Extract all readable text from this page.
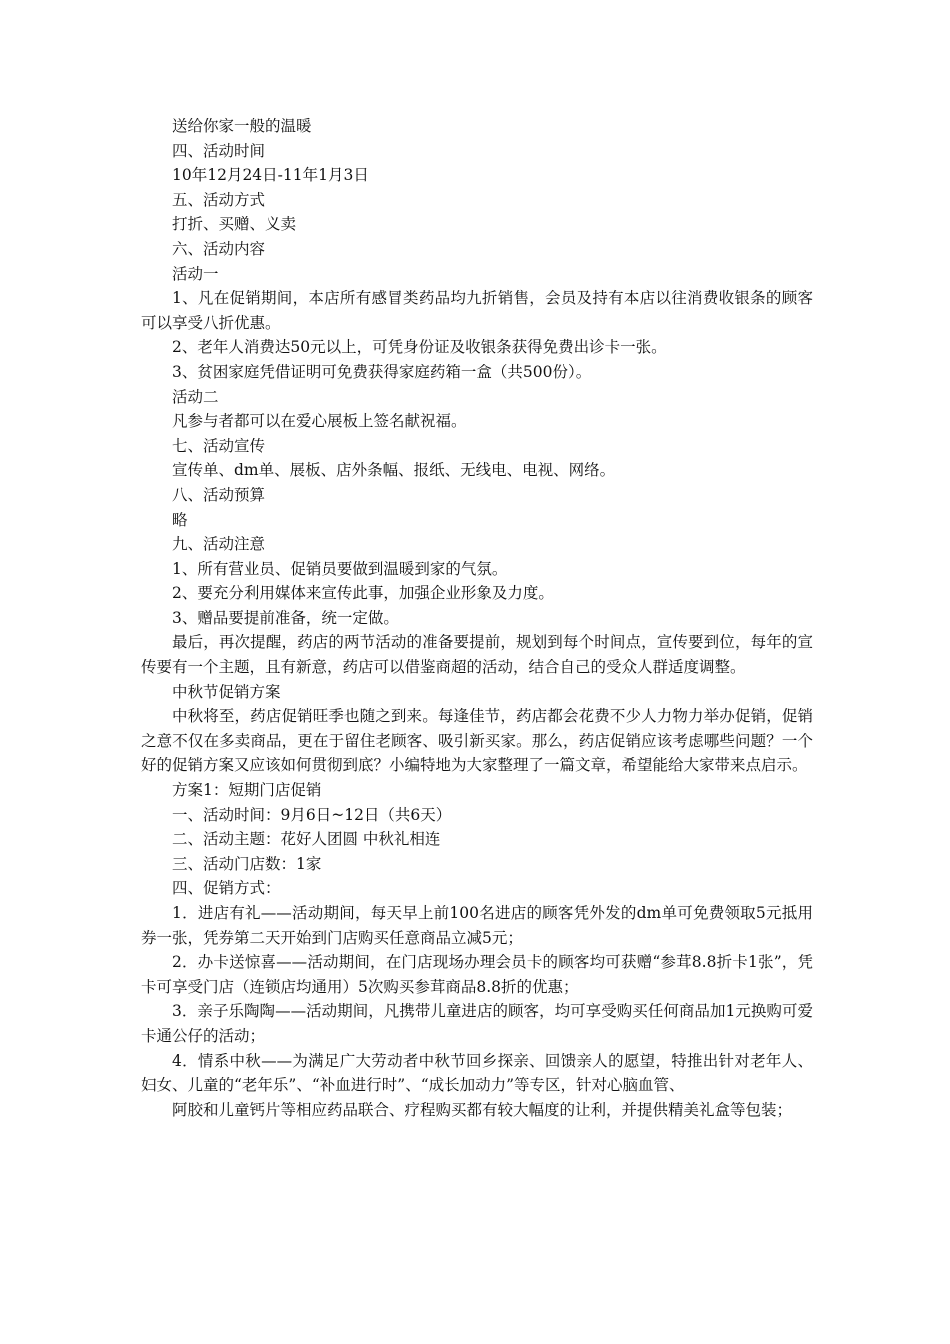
送给你家一般的温暖

四、活动时间

10年12月24日-11年1月3日

五、活动方式

打折、买赠、义卖

六、活动内容

活动一

1、凡在促销期间，本店所有感冒类药品均九折销售，会员及持有本店以往消费收银条的顾客可以享受八折优惠。

2、老年人消费达50元以上，可凭身份证及收银条获得免费出诊卡一张。

3、贫困家庭凭借证明可免费获得家庭药箱一盒（共500份）。

活动二

凡参与者都可以在爱心展板上签名献祝福。

七、活动宣传

宣传单、dm单、展板、店外条幅、报纸、无线电、电视、网络。

八、活动预算

略

九、活动注意

1、所有营业员、促销员要做到温暖到家的气氛。

2、要充分利用媒体来宣传此事，加强企业形象及力度。

3、赠品要提前准备，统一定做。

最后，再次提醒，药店的两节活动的准备要提前，规划到每个时间点，宣传要到位，每年的宣传要有一个主题，且有新意，药店可以借鉴商超的活动，结合自己的受众人群适度调整。

中秋节促销方案

中秋将至，药店促销旺季也随之到来。每逢佳节，药店都会花费不少人力物力举办促销，促销之意不仅在多卖商品，更在于留住老顾客、吸引新买家。那么，药店促销应该考虑哪些问题？一个好的促销方案又应该如何贯彻到底？小编特地为大家整理了一篇文章，希望能给大家带来点启示。

方案1：短期门店促销

一、活动时间：9月6日~12日（共6天）

二、活动主题：花好人团圆 中秋礼相连

三、活动门店数：1家

四、促销方式：

1．进店有礼——活动期间，每天早上前100名进店的顾客凭外发的dm单可免费领取5元抵用券一张，凭券第二天开始到门店购买任意商品立减5元；

2．办卡送惊喜——活动期间，在门店现场办理会员卡的顾客均可获赠“参茸8.8折卡1张”，凭卡可享受门店（连锁店均通用）5次购买参茸商品8.8折的优惠；

3．亲子乐陶陶——活动期间，凡携带儿童进店的顾客，均可享受购买任何商品加1元换购可爱卡通公仔的活动；

4．情系中秋——为满足广大劳动者中秋节回乡探亲、回馈亲人的愿望，特推出针对老年人、妇女、儿童的“老年乐”、“补血进行时”、“成长加动力”等专区，针对心脑血管、

阿胶和儿童钙片等相应药品联合、疗程购买都有较大幅度的让利，并提供精美礼盒等包装；
